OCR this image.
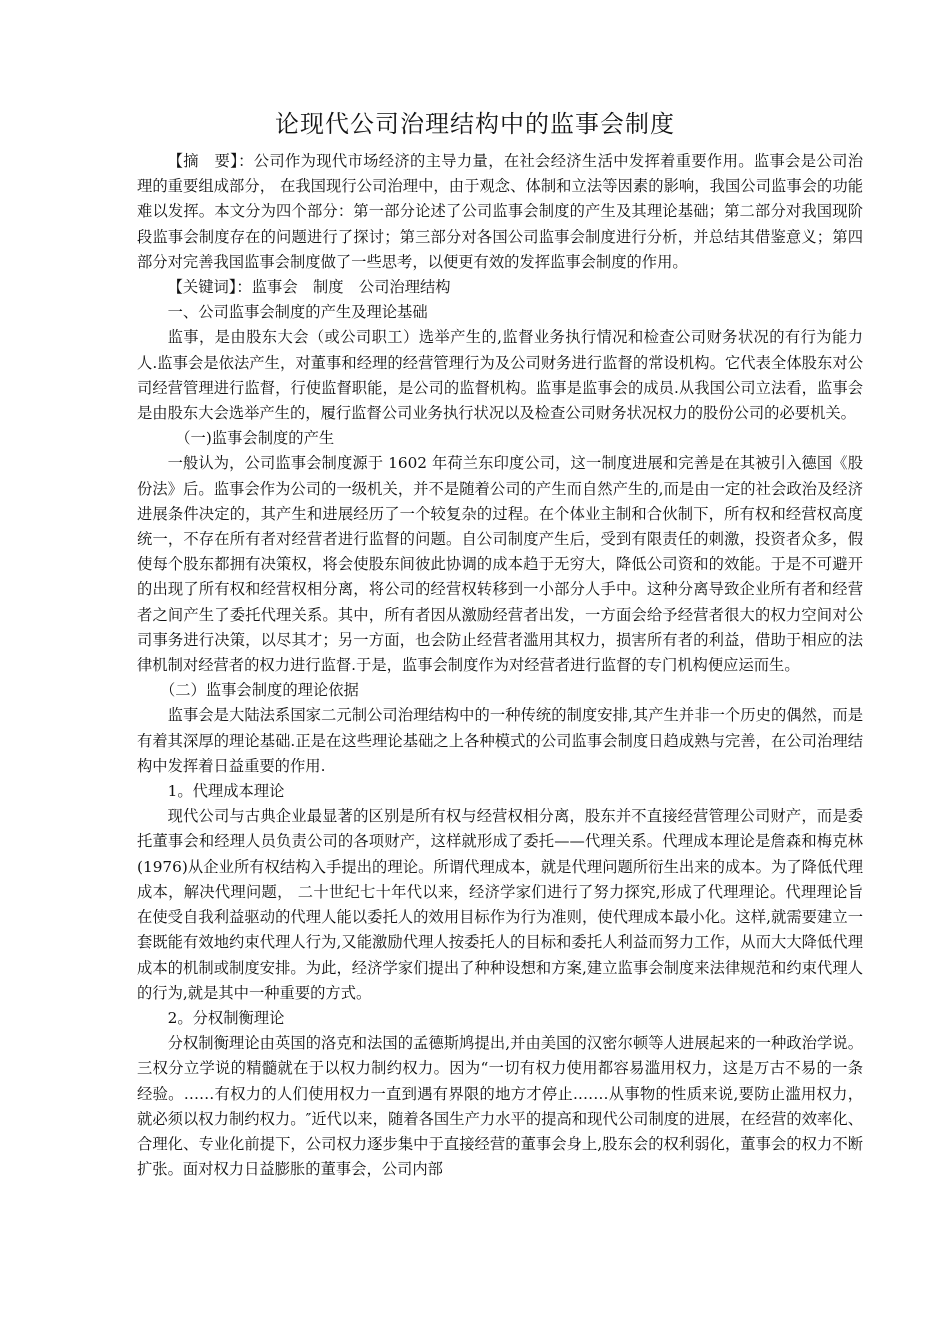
论现代公司治理结构中的监事会制度

【摘　要】：公司作为现代市场经济的主导力量，在社会经济生活中发挥着重要作用。监事会是公司治理的重要组成部分， 在我国现行公司治理中，由于观念、体制和立法等因素的影响，我国公司监事会的功能难以发挥。本文分为四个部分：第一部分论述了公司监事会制度的产生及其理论基础；第二部分对我国现阶段监事会制度存在的问题进行了探讨；第三部分对各国公司监事会制度进行分析，并总结其借鉴意义；第四部分对完善我国监事会制度做了一些思考，以便更有效的发挥监事会制度的作用。

【关键词】：监事会　制度　公司治理结构

一、公司监事会制度的产生及理论基础

监事，是由股东大会（或公司职工）选举产生的,监督业务执行情况和检查公司财务状况的有行为能力人.监事会是依法产生，对董事和经理的经营管理行为及公司财务进行监督的常设机构。它代表全体股东对公司经营管理进行监督，行使监督职能，是公司的监督机构。监事是监事会的成员.从我国公司立法看，监事会是由股东大会选举产生的，履行监督公司业务执行状况以及检查公司财务状况权力的股份公司的必要机关。

（一)监事会制度的产生

一般认为，公司监事会制度源于 1602 年荷兰东印度公司，这一制度进展和完善是在其被引入德国《股份法》后。监事会作为公司的一级机关，并不是随着公司的产生而自然产生的,而是由一定的社会政治及经济进展条件决定的，其产生和进展经历了一个较复杂的过程。在个体业主制和合伙制下，所有权和经营权高度统一，不存在所有者对经营者进行监督的问题。自公司制度产生后，受到有限责任的刺激，投资者众多，假使每个股东都拥有决策权，将会使股东间彼此协调的成本趋于无穷大，降低公司资和的效能。于是不可避开的出现了所有权和经营权相分离，将公司的经营权转移到一小部分人手中。这种分离导致企业所有者和经营者之间产生了委托代理关系。其中，所有者因从激励经营者出发，一方面会给予经营者很大的权力空间对公司事务进行决策，以尽其才；另一方面，也会防止经营者滥用其权力，损害所有者的利益，借助于相应的法律机制对经营者的权力进行监督.于是，监事会制度作为对经营者进行监督的专门机构便应运而生。

（二）监事会制度的理论依据

监事会是大陆法系国家二元制公司治理结构中的一种传统的制度安排,其产生并非一个历史的偶然，而是有着其深厚的理论基础.正是在这些理论基础之上各种模式的公司监事会制度日趋成熟与完善，在公司治理结构中发挥着日益重要的作用.

1。代理成本理论

现代公司与古典企业最显著的区别是所有权与经营权相分离，股东并不直接经营管理公司财产，而是委托董事会和经理人员负责公司的各项财产，这样就形成了委托——代理关系。代理成本理论是詹森和梅克林(1976)从企业所有权结构入手提出的理论。所谓代理成本，就是代理问题所衍生出来的成本。为了降低代理成本，解决代理问题， 二十世纪七十年代以来，经济学家们进行了努力探究,形成了代理理论。代理理论旨在使受自我利益驱动的代理人能以委托人的效用目标作为行为准则，使代理成本最小化。这样,就需要建立一套既能有效地约束代理人行为,又能激励代理人按委托人的目标和委托人利益而努力工作，从而大大降低代理成本的机制或制度安排。为此，经济学家们提出了种种设想和方案,建立监事会制度来法律规范和约束代理人的行为,就是其中一种重要的方式。

2。分权制衡理论

分权制衡理论由英国的洛克和法国的孟德斯鸠提出,并由美国的汉密尔顿等人进展起来的一种政治学说。三权分立学说的精髓就在于以权力制约权力。因为“一切有权力使用都容易滥用权力，这是万古不易的一条经验。……有权力的人们使用权力一直到遇有界限的地方才停止.……从事物的性质来说,要防止滥用权力，就必须以权力制约权力。″近代以来，随着各国生产力水平的提高和现代公司制度的进展，在经营的效率化、合理化、专业化前提下，公司权力逐步集中于直接经营的董事会身上,股东会的权利弱化，董事会的权力不断扩张。面对权力日益膨胀的董事会，公司内部
